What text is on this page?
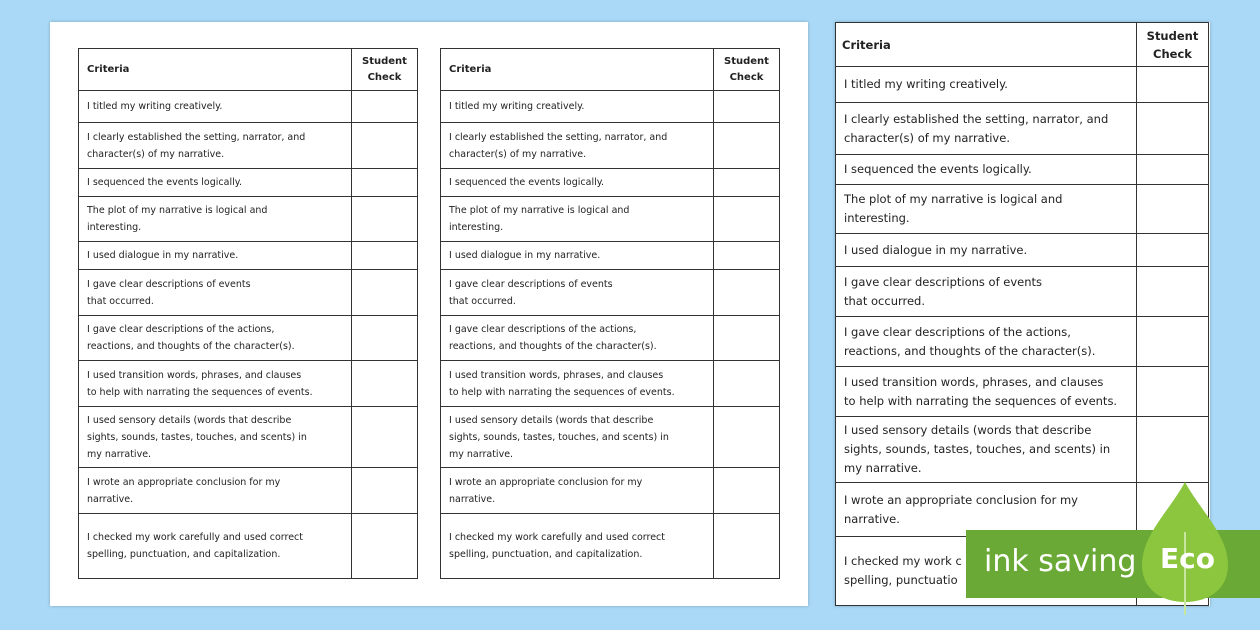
Criteria	Student
Check
I titled my writing creatively.	
I clearly established the setting, narrator, and
character(s) of my narrative.	
I sequenced the events logically.	
The plot of my narrative is logical and
interesting.	
I used dialogue in my narrative.	
I gave clear descriptions of events
that occurred.	
I gave clear descriptions of the actions,
reactions, and thoughts of the character(s).	
I used transition words, phrases, and clauses
to help with narrating the sequences of events.	
I used sensory details (words that describe
sights, sounds, tastes, touches, and scents) in
my narrative.	
I wrote an appropriate conclusion for my
narrative.	
I checked my work carefully and used correct
spelling, punctuation, and capitalization.	
Criteria	Student
Check
I titled my writing creatively.	
I clearly established the setting, narrator, and
character(s) of my narrative.	
I sequenced the events logically.	
The plot of my narrative is logical and
interesting.	
I used dialogue in my narrative.	
I gave clear descriptions of events
that occurred.	
I gave clear descriptions of the actions,
reactions, and thoughts of the character(s).	
I used transition words, phrases, and clauses
to help with narrating the sequences of events.	
I used sensory details (words that describe
sights, sounds, tastes, touches, and scents) in
my narrative.	
I wrote an appropriate conclusion for my
narrative.	
I checked my work carefully and used correct
spelling, punctuation, and capitalization.	
Criteria	Student
Check
I titled my writing creatively.	
I clearly established the setting, narrator, and
character(s) of my narrative.	
I sequenced the events logically.	
The plot of my narrative is logical and
interesting.	
I used dialogue in my narrative.	
I gave clear descriptions of events
that occurred.	
I gave clear descriptions of the actions,
reactions, and thoughts of the character(s).	
I used transition words, phrases, and clauses
to help with narrating the sequences of events.	
I used sensory details (words that describe
sights, sounds, tastes, touches, and scents) in
my narrative.	
I wrote an appropriate conclusion for my
narrative.	
I checked my work c
spelling, punctuatio	
ink saving Eco
